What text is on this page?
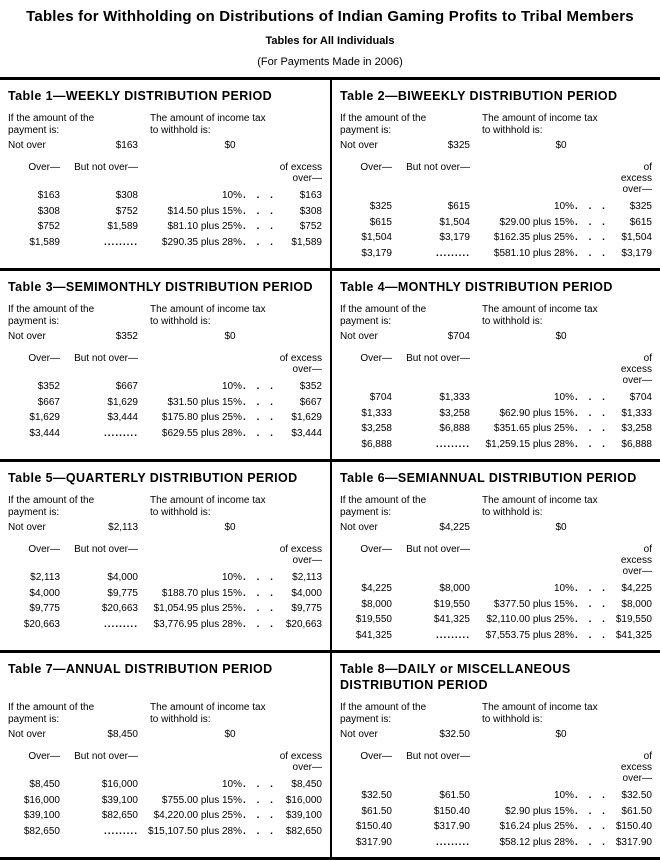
Tables for Withholding on Distributions of Indian Gaming Profits to Tribal Members
Tables for All Individuals
(For Payments Made in 2006)
Table 1—WEEKLY DISTRIBUTION PERIOD
If the amount of the payment is:
The amount of income tax to withhold is:
Not over	$163	$0
Over—	But not over—	of excess over—
$163	$308	10% . . .	$163
$308	$752	$14.50 plus 15% . . .	$308
$752	$1,589	$81.10 plus 25% . . .	$752
$1,589	.........	$290.35 plus 28% . . .	$1,589
Table 2—BIWEEKLY DISTRIBUTION PERIOD
If the amount of the payment is:
The amount of income tax to withhold is:
Not over	$325	$0
Over—	But not over—	of excess over—
$325	$615	10% . . .	$325
$615	$1,504	$29.00 plus 15% . . .	$615
$1,504	$3,179	$162.35 plus 25% . . .	$1,504
$3,179	.........	$581.10 plus 28% . . .	$3,179
Table 3—SEMIMONTHLY DISTRIBUTION PERIOD
If the amount of the payment is:
The amount of income tax to withhold is:
Not over	$352	$0
Over—	But not over—	of excess over—
$352	$667	10% . . .	$352
$667	$1,629	$31.50 plus 15% . . .	$667
$1,629	$3,444	$175.80 plus 25% . . .	$1,629
$3,444	.........	$629.55 plus 28% . . .	$3,444
Table 4—MONTHLY DISTRIBUTION PERIOD
If the amount of the payment is:
The amount of income tax to withhold is:
Not over	$704	$0
Over—	But not over—	of excess over—
$704	$1,333	10% . . .	$704
$1,333	$3,258	$62.90 plus 15% . . .	$1,333
$3,258	$6,888	$351.65 plus 25% . . .	$3,258
$6,888	.........	$1,259.15 plus 28% . . .	$6,888
Table 5—QUARTERLY DISTRIBUTION PERIOD
If the amount of the payment is:
The amount of income tax to withhold is:
Not over	$2,113	$0
Over—	But not over—	of excess over—
$2,113	$4,000	10% . . .	$2,113
$4,000	$9,775	$188.70 plus 15% . . .	$4,000
$9,775	$20,663	$1,054.95 plus 25% . . .	$9,775
$20,663	.........	$3,776.95 plus 28% . . . $20,663
Table 6—SEMIANNUAL DISTRIBUTION PERIOD
If the amount of the payment is:
The amount of income tax to withhold is:
Not over	$4,225	$0
Over—	But not over—	of excess over—
$4,225	$8,000	10% . . .	$4,225
$8,000	$19,550	$377.50 plus 15% . . .	$8,000
$19,550	$41,325	$2,110.00 plus 25% . . . $19,550
$41,325	.........	$7,553.75 plus 28% . . . $41,325
Table 7—ANNUAL DISTRIBUTION PERIOD
If the amount of the payment is:
The amount of income tax to withhold is:
Not over	$8,450	$0
Over—	But not over—	of excess over—
$8,450	$16,000	10% . . .	$8,450
$16,000	$39,100	$755.00 plus 15% . . . $16,000
$39,100	$82,650	$4,220.00 plus 25% . . . $39,100
$82,650	.........	$15,107.50 plus 28% . . . $82,650
Table 8—DAILY or MISCELLANEOUS DISTRIBUTION PERIOD
If the amount of the payment is:
The amount of income tax to withhold is:
Not over	$32.50	$0
Over—	But not over—	of excess over—
$32.50	$61.50	10% . . .	$32.50
$61.50	$150.40	$2.90 plus 15% . . .	$61.50
$150.40	$317.90	$16.24 plus 25% . . . $150.40
$317.90	.........	$58.12 plus 28% . . . $317.90
